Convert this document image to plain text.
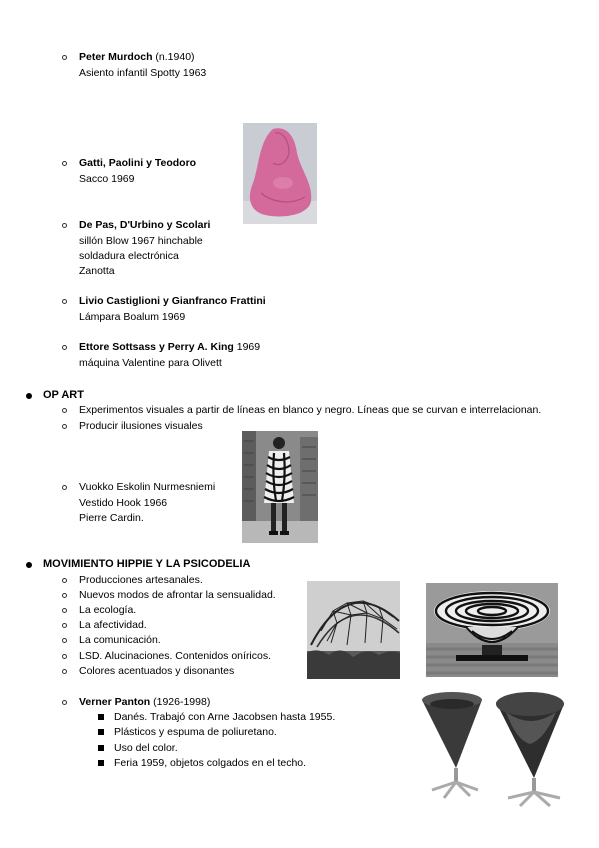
Peter Murdoch (n.1940)
Asiento infantil Spotty 1963
Gatti, Paolini y Teodoro
Sacco 1969
De Pas, D'Urbino y Scolari
sillón Blow 1967 hinchable
soldadura electrónica
Zanotta
Livio Castiglioni y Gianfranco Frattini
Lámpara Boalum 1969
Ettore Sottsass y Perry A. King 1969
máquina Valentine para Olivett
OP ART
Experimentos visuales a partir de líneas en blanco y negro. Líneas que se curvan e interrelacionan.
Producir ilusiones visuales
Vuokko Eskolin Nurmesniemi
Vestido Hook 1966
Pierre Cardin.
MOVIMIENTO HIPPIE Y LA PSICODELIA
Producciones artesanales.
Nuevos modos de afrontar la sensualidad.
La ecología.
La afectividad.
La comunicación.
LSD. Alucinaciones. Contenidos oníricos.
Colores acentuados y disonantes
Verner Panton (1926-1998)
Danés. Trabajó con Arne Jacobsen hasta 1955.
Plásticos y espuma de poliuretano.
Uso del color.
Feria 1959, objetos colgados en el techo.
